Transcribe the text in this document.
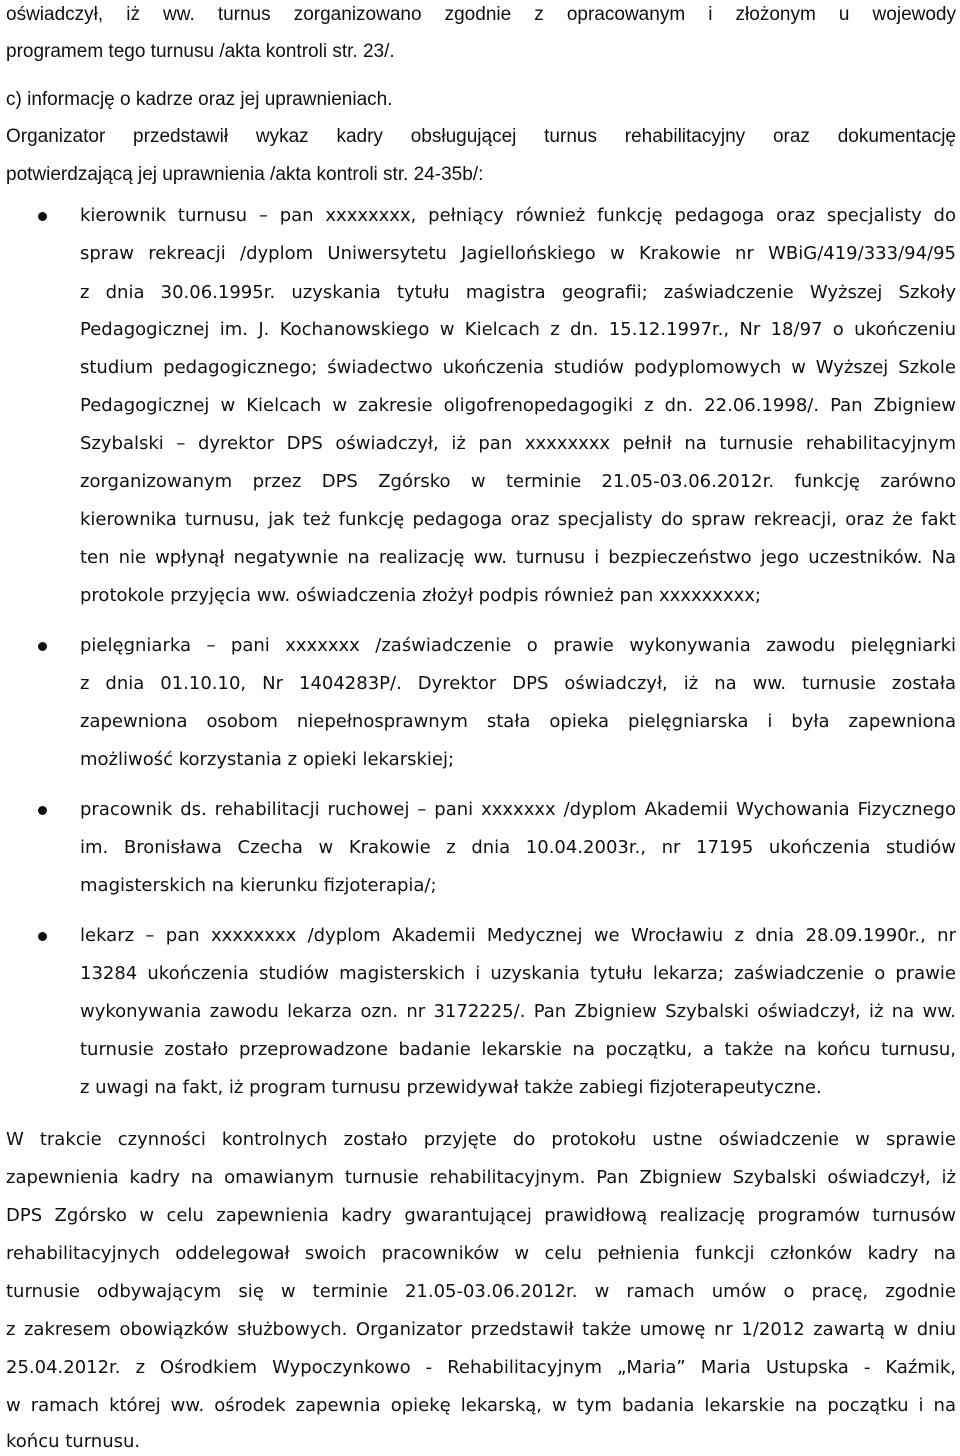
oświadczył, iż ww. turnus zorganizowano zgodnie z opracowanym i złożonym u wojewody
programem tego turnusu /akta kontroli str. 23/.
c) informację o kadrze oraz jej uprawnieniach.
Organizator przedstawił wykaz kadry obsługującej turnus rehabilitacyjny oraz dokumentację
potwierdzającą jej uprawnienia /akta kontroli str. 24-35b/:
kierownik turnusu – pan xxxxxxxx, pełniący również funkcję pedagoga oraz specjalisty do
spraw rekreacji /dyplom Uniwersytetu Jagiellońskiego w Krakowie nr WBiG/419/333/94/95
z dnia 30.06.1995r. uzyskania tytułu magistra geografii; zaświadczenie Wyższej Szkoły
Pedagogicznej im. J. Kochanowskiego w Kielcach z dn. 15.12.1997r., Nr 18/97 o ukończeniu
studium pedagogicznego; świadectwo ukończenia studiów podyplomowych w Wyższej Szkole
Pedagogicznej w Kielcach w zakresie oligofrenopedagogiki z dn. 22.06.1998/. Pan Zbigniew
Szybalski – dyrektor DPS oświadczył, iż pan xxxxxxxx pełnił na turnusie rehabilitacyjnym
zorganizowanym przez DPS Zgórsko w terminie 21.05-03.06.2012r. funkcję zarówno
kierownika turnusu, jak też funkcję pedagoga oraz specjalisty do spraw rekreacji, oraz że fakt
ten nie wpłynął negatywnie na realizację ww. turnusu i bezpieczeństwo jego uczestników. Na
protokole przyjęcia ww. oświadczenia złożył podpis również pan xxxxxxxxx;
pielęgniarka – pani xxxxxxx /zaświadczenie o prawie wykonywania zawodu pielęgniarki
z dnia 01.10.10, Nr 1404283P/. Dyrektor DPS oświadczył, iż na ww. turnusie została
zapewniona osobom niepełnosprawnym stała opieka pielęgniarska i była zapewniona
możliwość korzystania z opieki lekarskiej;
pracownik ds. rehabilitacji ruchowej – pani xxxxxxx /dyplom Akademii Wychowania Fizycznego
im. Bronisława Czecha w Krakowie z dnia 10.04.2003r., nr 17195 ukończenia studiów
magisterskich na kierunku fizjoterapia/;
lekarz – pan xxxxxxxx /dyplom Akademii Medycznej we Wrocławiu z dnia 28.09.1990r., nr
13284 ukończenia studiów magisterskich i uzyskania tytułu lekarza; zaświadczenie o prawie
wykonywania zawodu lekarza ozn. nr 3172225/. Pan Zbigniew Szybalski oświadczył, iż na ww.
turnusie zostało przeprowadzone badanie lekarskie na początku, a także na końcu turnusu,
z uwagi na fakt, iż program turnusu przewidywał także zabiegi fizjoterapeutyczne.
W trakcie czynności kontrolnych zostało przyjęte do protokołu ustne oświadczenie w sprawie
zapewnienia kadry na omawianym turnusie rehabilitacyjnym. Pan Zbigniew Szybalski oświadczył, iż
DPS Zgórsko w celu zapewnienia kadry gwarantującej prawidłową realizację programów turnusów
rehabilitacyjnych oddelegował swoich pracowników w celu pełnienia funkcji członków kadry na
turnusie odbywającym się w terminie 21.05-03.06.2012r. w ramach umów o pracę, zgodnie
z zakresem obowiązków służbowych. Organizator przedstawił także umowę nr 1/2012 zawartą w dniu
25.04.2012r. z Ośrodkiem Wypoczynkowo - Rehabilitacyjnym „Maria” Maria Ustupska - Kaźmik,
w ramach której ww. ośrodek zapewnia opiekę lekarską, w tym badania lekarskie na początku i na
końcu turnusu.
